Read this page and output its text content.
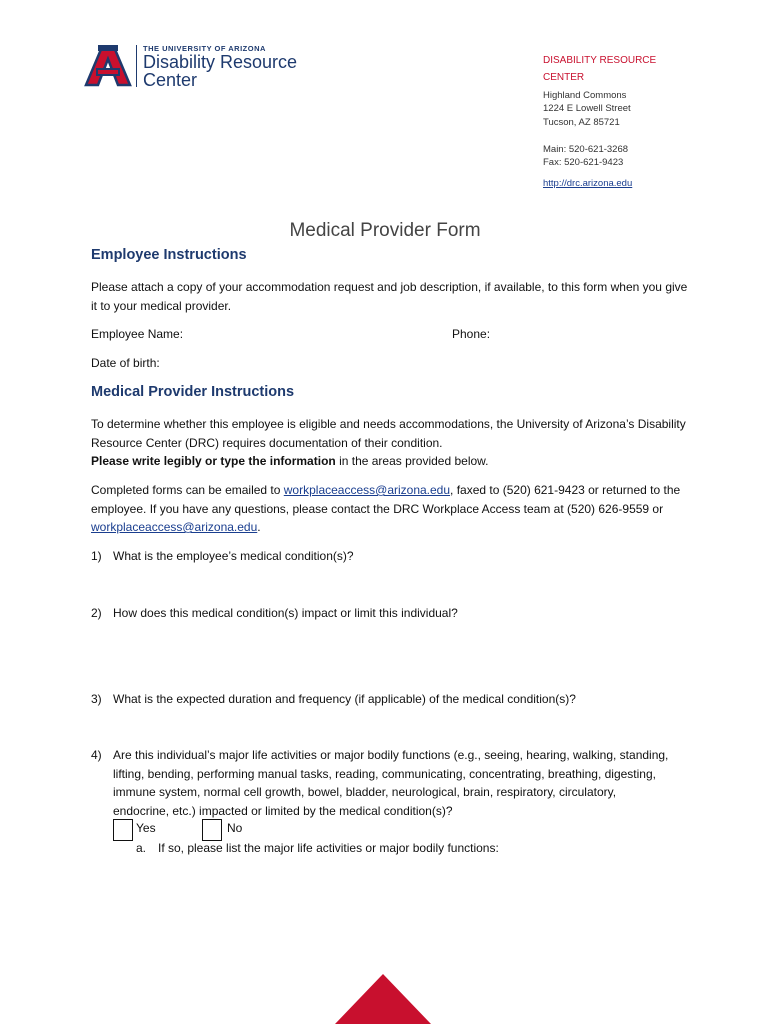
THE UNIVERSITY OF ARIZONA
Disability Resource
Center
DISABILITY RESOURCE
CENTER
Highland Commons
1224 E Lowell Street
Tucson, AZ 85721
Main: 520-621-3268
Fax: 520-621-9423
http://drc.arizona.edu
Medical Provider Form
Employee Instructions
Please attach a copy of your accommodation request and job description, if available, to this form when you give it to your medical provider.
Employee Name:	Phone:
Date of birth:
Medical Provider Instructions
To determine whether this employee is eligible and needs accommodations, the University of Arizona’s Disability Resource Center (DRC) requires documentation of their condition.
Please write legibly or type the information in the areas provided below.
Completed forms can be emailed to workplaceaccess@arizona.edu, faxed to (520) 621-9423 or returned to the employee. If you have any questions, please contact the DRC Workplace Access team at (520) 626-9559 or workplaceaccess@arizona.edu.
1) What is the employee’s medical condition(s)?
2) How does this medical condition(s) impact or limit this individual?
3) What is the expected duration and frequency (if applicable) of the medical condition(s)?
4) Are this individual’s major life activities or major bodily functions (e.g., seeing, hearing, walking, standing, lifting, bending, performing manual tasks, reading, communicating, concentrating, breathing, digesting, immune system, normal cell growth, bowel, bladder, neurological, brain, respiratory, circulatory, endocrine, etc.) impacted or limited by the medical condition(s)?
Yes	No
a. If so, please list the major life activities or major bodily functions:
